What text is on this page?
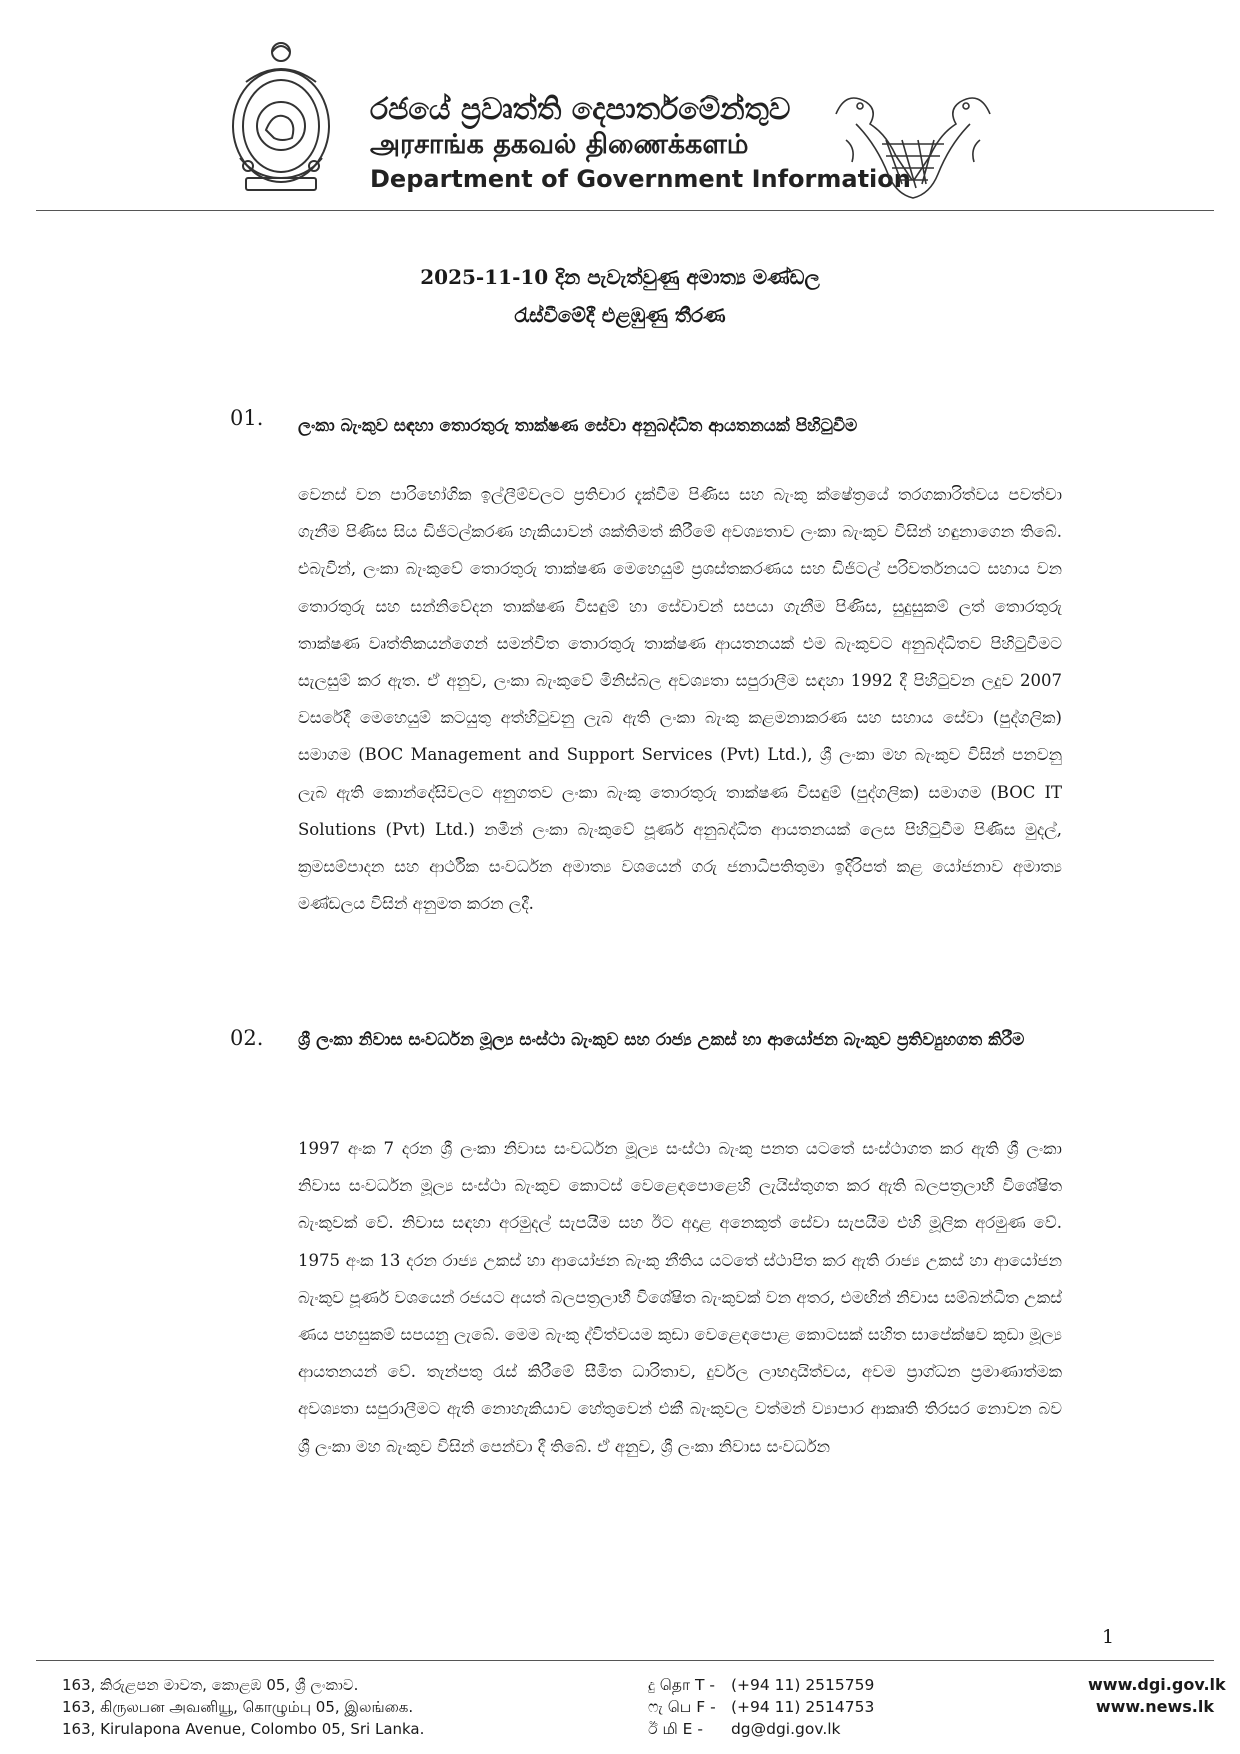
රජයේ ප්‍රවෘත්ති දෙපාර්තමේන්තුව
அரசாங்க தகவல் திணைக்களம்
Department of Government Information
2025-11-10 දින පැවැත්වුණු අමාත්‍ය මණ්ඩල
රැස්වීමේදී එළඹුණු තීරණ
01. ලංකා බැංකුව සඳහා තොරතුරු තාක්ෂණ සේවා අනුබද්ධිත ආයතනයක් පිහිටුවීම
වෙනස් වන පාරිභෝගික ඉල්ලීම්වලට ප්‍රතිචාර දැක්වීම පිණිස සහ බැංකු ක්ෂේත්‍රයේ තරගකාරිත්වය පවත්වා ගැනීම පිණිස සිය ඩිජිටල්කරණ හැකියාවන් ශක්තිමත් කිරීමේ අවශ්‍යතාව ලංකා බැංකුව විසින් හඳුනාගෙන තිබේ. එබැවින්, ලංකා බැංකුවේ තොරතුරු තාක්ෂණ මෙහෙයුම් ප්‍රශස්තකරණය සහ ඩිජිටල් පරිවර්තනයට සහාය වන තොරතුරු සහ සන්නිවේදන තාක්ෂණ විසඳුම් හා සේවාවන් සපයා ගැනීම පිණිස, සුදුසුකම් ලත් තොරතුරු තාක්ෂණ වෘත්තිකයන්ගෙන් සමන්විත තොරතුරු තාක්ෂණ ආයතනයක් එම බැංකුවට අනුබද්ධිතව පිහිටුවීමට සැලසුම් කර ඇත. ඒ අනුව, ලංකා බැංකුවේ මිනිස්බල අවශ්‍යතා සපුරාලීම සඳහා 1992 දී පිහිටුවන ලදුව 2007 වසරේදී මෙහෙයුම් කටයුතු අත්හිටුවනු ලැබ ඇති ලංකා බැංකු කළමනාකරණ සහ සහාය සේවා (පුද්ගලික) සමාගම (BOC Management and Support Services (Pvt) Ltd.), ශ්‍රී ලංකා මහ බැංකුව විසින් පනවනු ලැබ ඇති කොන්දේසිවලට අනුගතව ලංකා බැංකු තොරතුරු තාක්ෂණ විසඳුම් (පුද්ගලික) සමාගම (BOC IT Solutions (Pvt) Ltd.) නමින් ලංකා බැංකුවේ පූර්ණ අනුබද්ධිත ආයතනයක් ලෙස පිහිටුවීම පිණිස මුදල්, ක්‍රමසම්පාදන සහ ආර්ථික සංවර්ධන අමාත්‍ය වශයෙන් ගරු ජනාධිපතිතුමා ඉදිරිපත් කළ යෝජනාව අමාත්‍ය මණ්ඩලය විසින් අනුමත කරන ලදී.
02. ශ්‍රී ලංකා නිවාස සංවර්ධන මූල්‍ය සංස්ථා බැංකුව සහ රාජ්‍ය උකස් හා ආයෝජන බැංකුව ප්‍රතිව්‍යුහගත කිරීම
1997 අංක 7 දරන ශ්‍රී ලංකා නිවාස සංවර්ධන මූල්‍ය සංස්ථා බැංකු පනත යටතේ සංස්ථාගත කර ඇති ශ්‍රී ලංකා නිවාස සංවර්ධන මූල්‍ය සංස්ථා බැංකුව කොටස් වෙළෙඳපොළෙහි ලැයිස්තුගත කර ඇති බලපත්‍රලාභී විශේෂිත බැංකුවක් වේ. නිවාස සඳහා අරමුදල් සැපයීම සහ ඊට අදාළ අනෙකුත් සේවා සැපයීම එහි මූලික අරමුණ වේ. 1975 අංක 13 දරන රාජ්‍ය උකස් හා ආයෝජන බැංකු නීතිය යටතේ ස්ථාපිත කර ඇති රාජ්‍ය උකස් හා ආයෝජන බැංකුව පූර්ණ වශයෙන් රජයට අයත් බලපත්‍රලාභී විශේෂිත බැංකුවක් වන අතර, එමඟින් නිවාස සම්බන්ධිත උකස් ණය පහසුකම් සපයනු ලැබේ. මෙම බැංකු ද්විත්වයම කුඩා වෙළෙඳපොළ කොටසක් සහිත සාපේක්ෂව කුඩා මූල්‍ය ආයතනයන් වේ. තැන්පතු රැස් කිරීමේ සීමිත ධාරිතාව, දුර්වල ලාභදායිත්වය, අවම ප්‍රාග්ධන ප්‍රමාණාත්මක අවශ්‍යතා සපුරාලීමට ඇති නොහැකියාව හේතුවෙන් එකී බැංකුවල වත්මන් ව්‍යාපාර ආකෘති තිරසර නොවන බව ශ්‍රී ලංකා මහ බැංකුව විසින් පෙන්වා දී තිබේ. ඒ අනුව, ශ්‍රී ලංකා නිවාස සංවර්ධන
1
163, කිරුළපන මාවත, කොළඹ 05, ශ්‍රී ලංකාව.
163, கிருலபன அவனியூ, கொழும்பு 05, இலங்கை.
163, Kirulapona Avenue, Colombo 05, Sri Lanka.
දු தொ T - (+94 11) 2515759
ෆැ பெ F - (+94 11) 2514753
ඊ மி E - dg@dgi.gov.lk
www.dgi.gov.lk
www.news.lk
